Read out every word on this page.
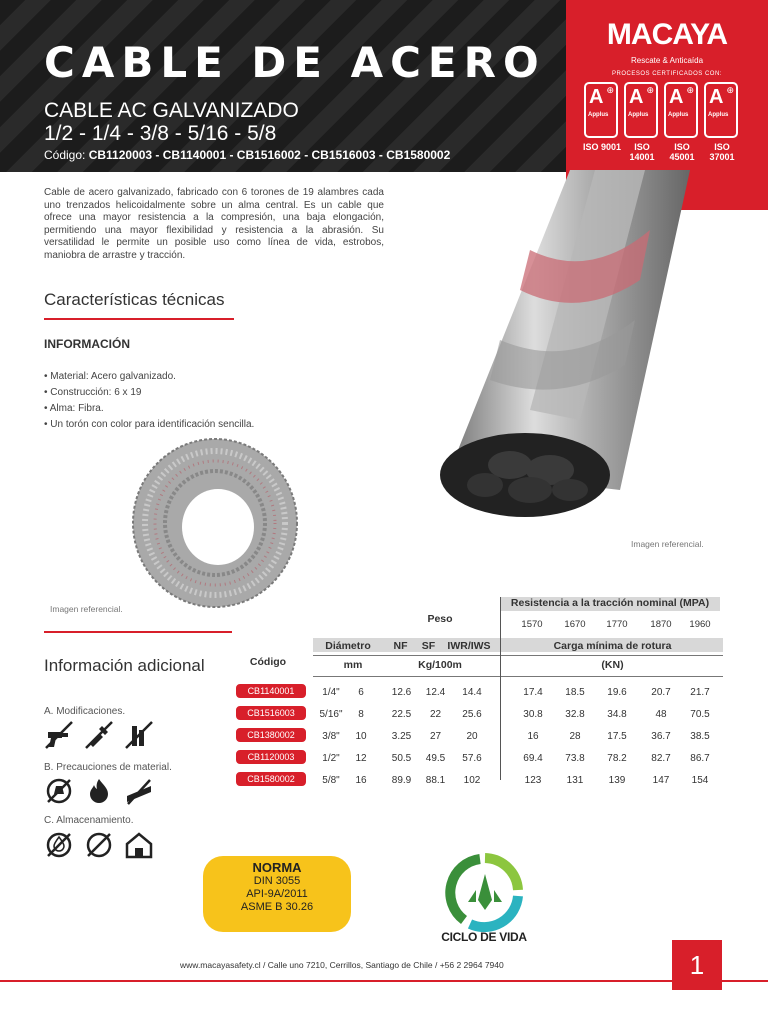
CABLE DE ACERO
CABLE AC GALVANIZADO
1/2 - 1/4 - 3/8 - 5/16 - 5/8
Código: CB1120003 - CB1140001 - CB1516002 - CB1516003 - CB1580002
MACAYA
Rescate & Anticaída
PROCESOS CERTIFICADOS CON:
A ⊕
Applus
A ⊕
Applus
A ⊕
Applus
A ⊕
Applus
ISO 9001	ISO 14001
ISO 45001
ISO 37001

Cable de acero galvanizado, fabricado con 6 torones de 19 alambres cada uno trenzados helicoidalmente sobre un alma central. Es un cable que ofrece una mayor resistencia a la compresión, una baja elongación, permitiendo una mayor flexibilidad y resistencia a la abrasión. Su versatilidad le permite un posible uso como línea de vida, estrobos, maniobra de arrastre y tracción.

Características técnicas
INFORMACIÓN
• Material: Acero galvanizado.
• Construcción: 6 x 19
• Alma: Fibra.
• Un torón con color para identificación sencilla.
Imagen referencial.
Imagen referencial.
Información adicional
A. Modificaciones.
B. Precauciones de material.
C. Almacenamiento.
Resistencia a la tracción nominal (MPA)
Peso	1570	1670	1770	1870	1960
Diámetro	NF	SF	IWR/IWS	Carga mínima de rotura
Código	mm	Kg/100m	(KN)
CB1140001	1/4"	6	12.6	12.4	14.4	17.4	18.5	19.6	20.7	21.7
CB1516003	5/16"	8	22.5	22	25.6	30.8	32.8	34.8	48	70.5
CB1380002	3/8"	10	3.25	27	20	16	28	17.5	36.7	38.5
CB1120003	1/2"	12	50.5	49.5	57.6	69.4	73.8	78.2	82.7	86.7
CB1580002	5/8"	16	89.9	88.1	102	123	131	139	147	154
NORMA
DIN 3055
API-9A/2011
ASME B 30.26
CICLO DE VIDA
www.macayasafety.cl / Calle uno 7210, Cerrillos, Santiago de Chile / +56 2 2964 7940	1
